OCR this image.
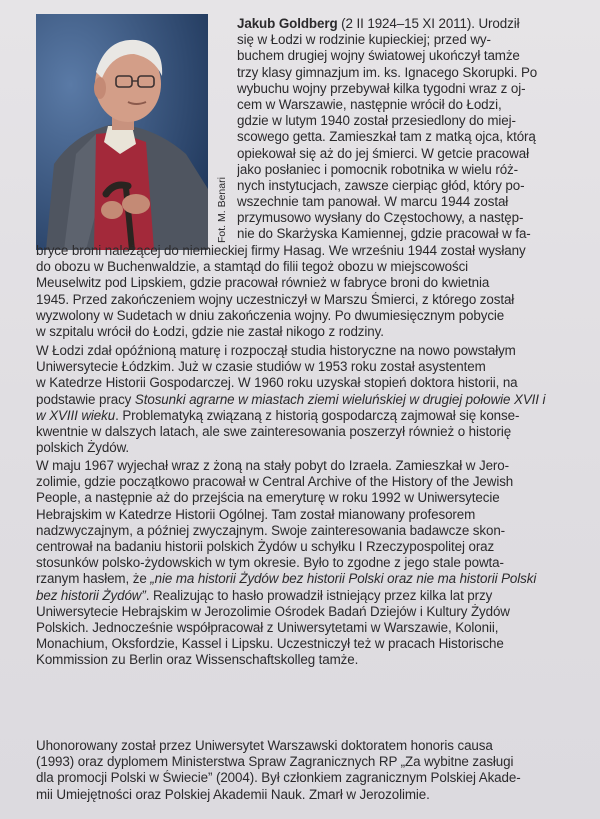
Fot. M. Benari
Jakub Goldberg (2 II 1924–15 XI 2011). Urodził
się w Łodzi w rodzinie kupieckiej; przed wy-
buchem drugiej wojny światowej ukończył tamże
trzy klasy gimnazjum im. ks. Ignacego Skorupki. Po
wybuchu wojny przebywał kilka tygodni wraz z oj-
cem w Warszawie, następnie wrócił do Łodzi,
gdzie w lutym 1940 został przesiedlony do miej-
scowego getta. Zamieszkał tam z matką ojca, którą
opiekował się aż do jej śmierci. W getcie pracował
jako posłaniec i pomocnik robotnika w wielu róż-
nych instytucjach, zawsze cierpiąc głód, który po-
wszechnie tam panował. W marcu 1944 został
przymusowo wysłany do Częstochowy, a następ-
nie do Skarżyska Kamiennej, gdzie pracował w fa-
bryce broni należącej do niemieckiej firmy Hasag. We wrześniu 1944 został wysłany
do obozu w Buchenwaldzie, a stamtąd do filii tegoż obozu w miejscowości
Meuselwitz pod Lipskiem, gdzie pracował również w fabryce broni do kwietnia
1945. Przed zakończeniem wojny uczestniczył w Marszu Śmierci, z którego został
wyzwolony w Sudetach w dniu zakończenia wojny. Po dwumiesięcznym pobycie
w szpitalu wrócił do Łodzi, gdzie nie zastał nikogo z rodziny.
W Łodzi zdał opóźnioną maturę i rozpoczął studia historyczne na nowo powstałym
Uniwersytecie Łódzkim. Już w czasie studiów w 1953 roku został asystentem
w Katedrze Historii Gospodarczej. W 1960 roku uzyskał stopień doktora historii, na
podstawie pracy Stosunki agrarne w miastach ziemi wieluńskiej w drugiej połowie XVII i
w XVIII wieku. Problematyką związaną z historią gospodarczą zajmował się konse-
kwentnie w dalszych latach, ale swe zainteresowania poszerzył również o historię
polskich Żydów.
W maju 1967 wyjechał wraz z żoną na stały pobyt do Izraela. Zamieszkał w Jero-
zolimie, gdzie początkowo pracował w Central Archive of the History of the Jewish
People, a następnie aż do przejścia na emeryturę w roku 1992 w Uniwersytecie
Hebrajskim w Katedrze Historii Ogólnej. Tam został mianowany profesorem
nadzwyczajnym, a później zwyczajnym. Swoje zainteresowania badawcze skon-
centrował na badaniu historii polskich Żydów u schyłku I Rzeczypospolitej oraz
stosunków polsko-żydowskich w tym okresie. Było to zgodne z jego stale powta-
rzanym hasłem, że „nie ma historii Żydów bez historii Polski oraz nie ma historii Polski
bez historii Żydów”. Realizując to hasło prowadził istniejący przez kilka lat przy
Uniwersytecie Hebrajskim w Jerozolimie Ośrodek Badań Dziejów i Kultury Żydów
Polskich. Jednocześnie współpracował z Uniwersytetami w Warszawie, Kolonii,
Monachium, Oksfordzie, Kassel i Lipsku. Uczestniczył też w pracach Historische
Kommission zu Berlin oraz Wissenschaftskolleg tamże.
Uhonorowany został przez Uniwersytet Warszawski doktoratem honoris causa
(1993) oraz dyplomem Ministerstwa Spraw Zagranicznych RP „Za wybitne zasługi
dla promocji Polski w Świecie” (2004). Był członkiem zagranicznym Polskiej Akade-
mii Umiejętności oraz Polskiej Akademii Nauk. Zmarł w Jerozolimie.
